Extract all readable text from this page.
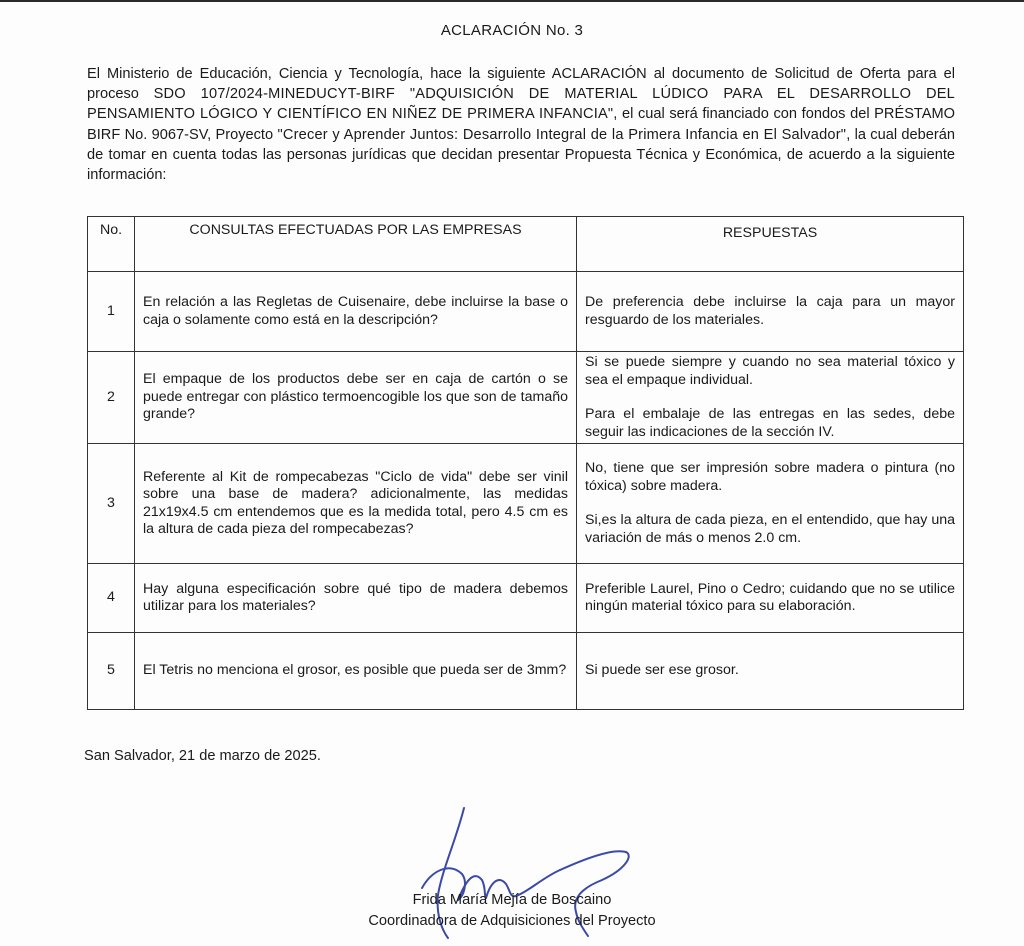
ACLARACIÓN No. 3

El Ministerio de Educación, Ciencia y Tecnología, hace la siguiente ACLARACIÓN al documento de Solicitud de Oferta para el proceso SDO 107/2024-MINEDUCYT-BIRF "ADQUISICIÓN DE MATERIAL LÚDICO PARA EL DESARROLLO DEL PENSAMIENTO LÓGICO Y CIENTÍFICO EN NIÑEZ DE PRIMERA INFANCIA", el cual será financiado con fondos del PRÉSTAMO BIRF No. 9067-SV, Proyecto "Crecer y Aprender Juntos: Desarrollo Integral de la Primera Infancia en El Salvador", la cual deberán de tomar en cuenta todas las personas jurídicas que decidan presentar Propuesta Técnica y Económica, de acuerdo a la siguiente información:

No.	CONSULTAS EFECTUADAS POR LAS EMPRESAS	RESPUESTAS
1	En relación a las Regletas de Cuisenaire, debe incluirse la base o caja o solamente como está en la descripción?	De preferencia debe incluirse la caja para un mayor resguardo de los materiales.

2	El empaque de los productos debe ser en caja de cartón o se puede entregar con plástico termoencogible los que son de tamaño grande?	Si se puede siempre y cuando no sea material tóxico y sea el empaque individual.

Para el embalaje de las entregas en las sedes, debe seguir las indicaciones de la sección IV.

3	Referente al Kit de rompecabezas "Ciclo de vida" debe ser vinil sobre una base de madera? adicionalmente, las medidas 21x19x4.5 cm entendemos que es la medida total, pero 4.5 cm es la altura de cada pieza del rompecabezas?	No, tiene que ser impresión sobre madera o pintura (no tóxica) sobre madera.

Si,es la altura de cada pieza, en el entendido, que hay una variación de más o menos 2.0 cm.

4	Hay alguna especificación sobre qué tipo de madera debemos utilizar para los materiales?	Preferible Laurel, Pino o Cedro; cuidando que no se utilice ningún material tóxico para su elaboración.

5	El Tetris no menciona el grosor, es posible que pueda ser de 3mm?	Si puede ser ese grosor.

San Salvador, 21 de marzo de 2025.
Frida María Mejía de Boscaino
Coordinadora de Adquisiciones del Proyecto
